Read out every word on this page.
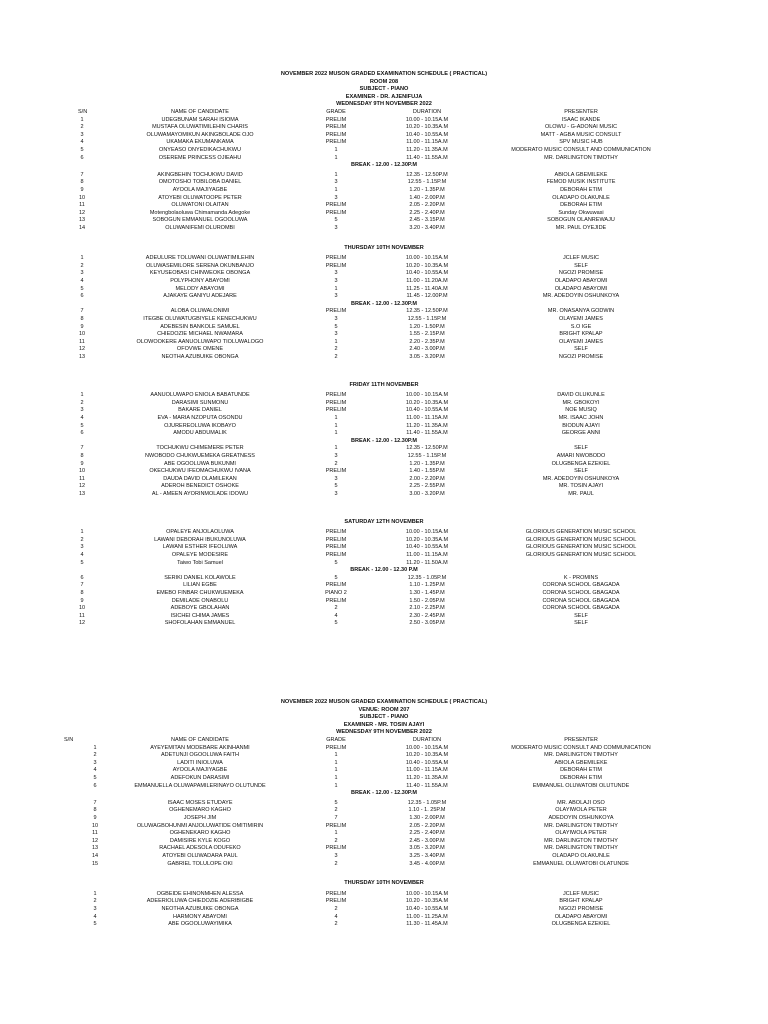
NOVEMBER 2022 MUSON GRADED EXAMINATION SCHEDULE ( PRACTICAL)
ROOM 208
SUBJECT - PIANO
EXAMINER - DR. AJENIFUJA
WEDNESDAY 9TH NOVEMBER 2022
S/N	NAME OF CANDIDATE	GRADE	DURATION	PRESENTER
1	UDEGBUNAM SARAH ISIOMA	PRELIM	10.00 - 10.15A.M	ISAAC IKANDE
2	MUSTAFA OLUWATIMILEHIN CHARIS	PRELIM	10.20 - 10.35A.M	OLOWU - G-ADONAI MUSIC
3	OLUWAMAYOMIKUN AKINGBOLADE OJO	PRELIM	10.40 - 10.55A.M	MATT - AGBA MUSIC CONSULT
4	UKAMAKA EKUMANKAMA	PRELIM	11.00 - 11.15A.M	SPV MUSIC HUB
5	ONYEASO ONYEDIKACHUKWU	1	11.20 - 11.35A.M	MODERATO MUSIC CONSULT AND COMMUNICATION
6	OSEREME PRINCESS OJIEAHU	1	11.40 - 11.55A.M	MR. DARLINGTON TIMOTHY
BREAK - 12.00 - 12.30P.M
7	AKINGBEHIN TOCHUKWU DAVID	1	12.35 - 12.50P.M	ABIOLA GBEMILEKE
8	OMOTOSHO TOBILOBA DANIEL	3	12.55 - 1.15P.M	FEMOD MUSIK INSTITUTE
9	AYOOLA MAJIYAGBE	1	1.20 - 1.35P.M	DEBORAH ETIM
10	ATOYEBI OLUWATOOPE PETER	3	1.40 - 2.00P.M	OLADAPO OLAKUNLE
11	OLUWATONI OLAITAN	PRELIM	2.05 - 2.20P.M	DEBORAH ETIM
12	Motengbolaoluwa Chimamanda Adegoke	PRELIM	2.25 - 2.40P.M	Sunday Okwuwasi
13	SOBOGUN EMMANUEL OGOOLUWA	5	2.45 - 3.15P.M	SOBOGUN OLANREWAJU
14	OLUWANIFEMI OLUROMBI	3	3.20 - 3.40P.M	MR. PAUL OYEJIDE
THURSDAY 10TH NOVEMBER
1	ADEULURE TOLUWANI OLUWATIMILEHIN	PRELIM	10.00 - 10.15A.M	JCLEF MUSIC
2	OLUWASEMILORE SERENA OKUNBANJO	PRELIM	10.20 - 10.35A.M	SELF
3	KEYUSEOBASI CHINWEOKE OBONGA	3	10.40 - 10.55A.M	NGOZI PROMISE
4	POLYPHONY ABAYOMI	3	11.00 - 11.20A.M	OLADAPO ABAYOMI
5	MELODY ABAYOMI	1	11.25 - 11.40A.M	OLADAPO ABAYOMI
6	AJAKAYE GANIYU ADEJARE	3	11.45 - 12.00P.M	MR. ADEDOYIN OSHUNKOYA
BREAK - 12.00 - 12.30P.M
7	ALOBA OLUWALONIMI	PRELIM	12.35 - 12.50P.M	MR. ONASANYA GODWIN
8	ITEGBE OLUWATUGBIYELE KENECHUKWU	3	12.55 - 1.15P.M	OLAYEMI JAMES
9	ADEBESIN BANKOLE SAMUEL	5	1.20 - 1.50P.M	S.O IGE
10	CHIEDOZIE MICHAEL NWAMARA	3	1.55 - 2.15P.M	BRIGHT KPALAP
11	OLOWOOKERE AANUOLUWAPO TIOLUWALOGO	1	2.20 - 2.35P.M	OLAYEMI JAMES
12	OFOVWE OMENE	2	2.40 - 3.00P.M	SELF
13	NEOTHA AZUBUIKE OBONGA	2	3.05 - 3.20P.M	NGOZI PROMISE
FRIDAY 11TH NOVEMBER
1	AANUOLUWAPO ENIOLA BABATUNDE	PRELIM	10.00 - 10.15A.M	DAVID OLUKUNLE
2	DARASIMI SUNMONU	PRELIM	10.20 - 10.35A.M	MR. GBOKOYI
3	BAKARE DANIEL	PRELIM	10.40 - 10.55A.M	NOE MUSIQ
4	EVA - MARIA NZOPUTA OSONDU	1	11.00 - 11.15A.M	MR. ISAAC JOHN
5	OJUREREOLUWA IKOBAYO	1	11.20 - 11.35A.M	BIODUN AJAYI
6	AMODU ABDUMALIK	1	11.40 - 11.55A.M	GEORGE ANNI
BREAK - 12.00 - 12.30P.M
7	TOCHUKWU CHIMEMERE PETER	1	12.35 - 12.50P.M	SELF
8	NWOBODO CHUKWUEMEKA GREATNESS	3	12.55 - 1.15P.M	AMARI NWOBODO
9	ABE OGOOLUWA BUKUNMI	2	1.20 - 1.35P.M	OLUGBENGA EZEKIEL
10	OKECHUKWU IFEOMACHUKWU IVANA	PRELIM	1.40 - 1.55P.M	SELF
11	DAUDA DAVID OLAMILEKAN	3	2.00 - 2.20P.M	MR. ADEDOYIN OSHUNKOYA
12	ADEROH BENEDICT OSHOKE	5	2.25 - 2.55P.M	MR. TOSIN AJAYI
13	AL - AMEEN AYORINMOLADE IDOWU	3	3.00 - 3.20P.M	MR. PAUL
SATURDAY 12TH NOVEMBER
1	OPALEYE ANJOLAOLUWA	PRELIM	10.00 - 10.15A.M	GLORIOUS GENERATION MUSIC SCHOOL
2	LAWANI DEBORAH IBUKUNOLUWA	PRELIM	10.20 - 10.35A.M	GLORIOUS GENERATION MUSIC SCHOOL
3	LAWANI ESTHER IFEOLUWA	PRELIM	10.40 - 10.55A.M	GLORIOUS GENERATION MUSIC SCHOOL
4	OPALEYE MODESIRE	PRELIM	11.00 - 11.15A.M	GLORIOUS GENERATION MUSIC SCHOOL
5	Taiwo Tobi Samuel	5	11.20 - 11.50A.M
BREAK - 12.00 - 12.30 P.M
6	SERIKI DANIEL KOLAWOLE	5	12.35 - 1.05P.M	K - PROMINS
7	LILIAN EGBE	PRELIM	1.10 - 1.25P.M	CORONA SCHOOL GBAGADA
8	EMEBO FINBAR CHUKWUEMEKA	PIANO 2	1.30 - 1.45P.M	CORONA SCHOOL GBAGADA
9	DEMILADE ONABOLU	PRELIM	1.50 - 2.05P.M	CORONA SCHOOL GBAGADA
10	ADEBOYE GBOLAHAN	2	2.10 - 2.25P.M	CORONA SCHOOL GBAGADA
11	ISICHEI CHIMA JAMES	4	2.30 - 2.45P.M	SELF
12	SHOFOLAHAN EMMANUEL	5	2.50 - 3.05P.M	SELF
NOVEMBER 2022 MUSON GRADED EXAMINATION SCHEDULE ( PRACTICAL)
VENUE: ROOM 207
SUBJECT - PIANO
EXAMINER - MR. TOSIN AJAYI
WEDNESDAY 9TH NOVEMBER 2022
S/N	NAME OF CANDIDATE	GRADE	DURATION	PRESENTER
1	AYEYEMITAN MODEBARE AKINHANMI	PRELIM	10.00 - 10.15A.M	MODERATO MUSIC CONSULT AND COMMUNICATION
2	ADETUNJI OGOOLUWA FAITH	1	10.20 - 10.35A.M	MR. DARLINGTON TIMOTHY
3	LADITI INIOLUWA	1	10.40 - 10.55A.M	ABIOLA GBEMILEKE
4	AYOOLA MAJIYAGBE	1	11.00 - 11.15A.M	DEBORAH ETIM
5	ADEFOKUN DARASIMI	1	11.20 - 11.35A.M	DEBORAH ETIM
6	EMMANUELLA OLUWAPAMILERINAYO OLUTUNDE	1	11.40 - 11.55A.M	EMMANUEL OLUWATOBI OLUTUNDE
BREAK - 12.00 - 12.30P.M
7	ISAAC MOSES ETUDAYE	5	12.35 - 1.05P.M	MR. ABOLAJI OSO
8	OGHENEMARO KAGHO	2	1.10 - 1. 25P.M	OLAYIWOLA PETER
9	JOSEPH JIM	7	1.30 - 2.00P.M	ADEDOYIN OSHUNKOYA
10	OLUWAGBOHUNMI ANJOLUWATIDE OMITIMIRIN	PRELIM	2.05 - 2.20P.M	MR. DARLINGTON TIMOTHY
11	OGHENEKARO KAGHO	1	2.25 - 2.40P.M	OLAYIWOLA PETER
12	DAMISIRE KYLE KOGO	2	2.45 - 3.00P.M	MR. DARLINGTON TIMOTHY
13	RACHAEL ADESOLA ODUFEKO	PRELIM	3.05 - 3.20P.M	MR. DARLINGTON TIMOTHY
14	ATOYEBI OLUWADARA PAUL	3	3.25 - 3.40P.M	OLADAPO OLAKUNLE
15	GABRIEL TOLULOPE OKI	2	3.45 - 4.00P.M	EMMANUEL OLUWATOBI OLATUNDE
THURSDAY 10TH NOVEMBER
1	OGBEIDE EHINONMHEN ALESSA	PRELIM	10.00 - 10.15A.M	JCLEF MUSIC
2	ADEERIOLUWA CHIEDOZIE ADERIBIGBE	PRELIM	10.20 - 10.35A.M	BRIGHT KPALAP
3	NEOTHA AZUBUIKE OBONGA	2	10.40 - 10.55A.M	NGOZI PROMISE
4	HARMONY ABAYOMI	4	11.00 - 11.25A.M	OLADAPO ABAYOMI
5	ABE OGOOLUWAYIMIKA	2	11.30 - 11.45A.M	OLUGBENGA EZEKIEL
